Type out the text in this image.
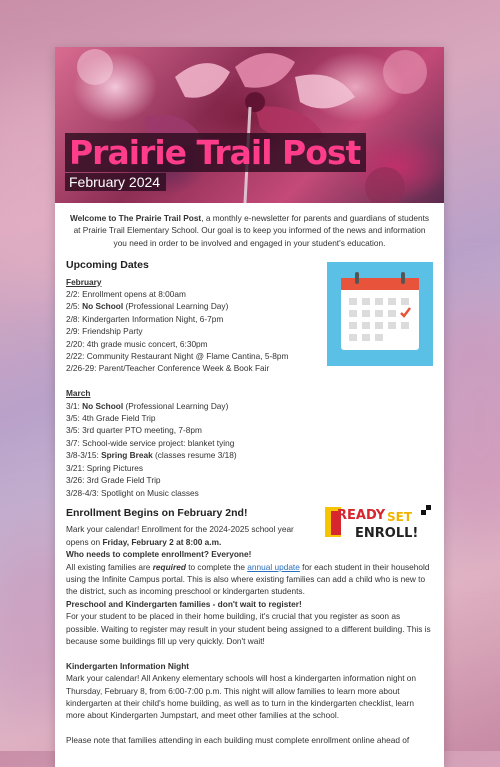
Prairie Trail Post
February 2024

Welcome to The Prairie Trail Post, a monthly e-newsletter for parents and guardians of students at Prairie Trail Elementary School. Our goal is to keep you informed of the news and information you need in order to be involved and engaged in your student's education.

Upcoming Dates
February
2/2: Enrollment opens at 8:00am
2/5: No School (Professional Learning Day)
2/8: Kindergarten Information Night, 6-7pm
2/9: Friendship Party
2/20: 4th grade music concert, 6:30pm
2/22: Community Restaurant Night @ Flame Cantina, 5-8pm
2/26-29: Parent/Teacher Conference Week & Book Fair
March
3/1: No School (Professional Learning Day)
3/5: 4th Grade Field Trip
3/5: 3rd quarter PTO meeting, 7-8pm
3/7: School-wide service project: blanket tying
3/8-3/15: Spring Break (classes resume 3/18)
3/21: Spring Pictures
3/26: 3rd Grade Field Trip
3/28-4/3: Spotlight on Music classes
Enrollment Begins on February 2nd!	READY SET
ENROLL!
Mark your calendar! Enrollment for the 2024-2025 school year opens on Friday, February 2 at 8:00 a.m.
Who needs to complete enrollment? Everyone!
All existing families are required to complete the annual update for each student in their household using the Infinite Campus portal. This is also where existing families can add a child who is new to the district, such as incoming preschool or kindergarten students.
Preschool and Kindergarten families - don't wait to register!
For your student to be placed in their home building, it's crucial that you register as soon as possible. Waiting to register may result in your student being assigned to a different building. This is because some buildings fill up very quickly. Don't wait!
Kindergarten Information Night
Mark your calendar! All Ankeny elementary schools will host a kindergarten information night on Thursday, February 8, from 6:00-7:00 p.m. This night will allow families to learn more about kindergarten at their child's home building, as well as to turn in the kindergarten checklist, learn more about Kindergarten Jumpstart, and meet other families at the school.
Please note that families attending in each building must complete enrollment online ahead of
